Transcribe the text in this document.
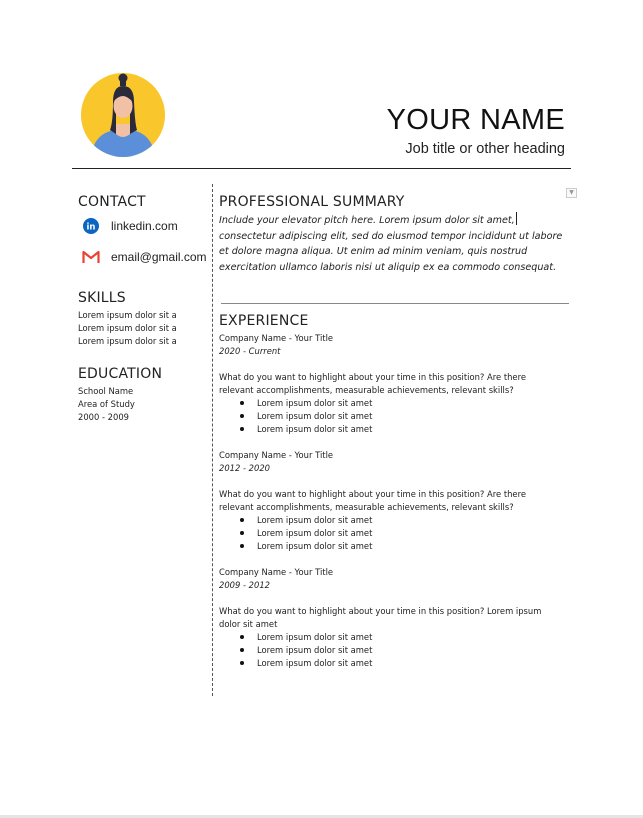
YOUR NAME
Job title or other heading
CONTACT
in linkedin.com
email@gmail.com
SKILLS
Lorem ipsum dolor sit a
Lorem ipsum dolor sit a
Lorem ipsum dolor sit a
EDUCATION
School Name
Area of Study
2000 - 2009
PROFESSIONAL SUMMARY
▼
Include your elevator pitch here. Lorem ipsum dolor sit amet, consectetur adipiscing elit, sed do eiusmod tempor incididunt ut labore et dolore magna aliqua. Ut enim ad minim veniam, quis nostrud exercitation ullamco laboris nisi ut aliquip ex ea commodo consequat.
EXPERIENCE
Company Name - Your Title
2020 - Current
What do you want to highlight about your time in this position? Are there relevant accomplishments, measurable achievements, relevant skills?
Lorem ipsum dolor sit amet
Lorem ipsum dolor sit amet
Lorem ipsum dolor sit amet
Company Name - Your Title
2012 - 2020
What do you want to highlight about your time in this position? Are there relevant accomplishments, measurable achievements, relevant skills?
Lorem ipsum dolor sit amet
Lorem ipsum dolor sit amet
Lorem ipsum dolor sit amet
Company Name - Your Title
2009 - 2012
What do you want to highlight about your time in this position? Lorem ipsum dolor sit amet
Lorem ipsum dolor sit amet
Lorem ipsum dolor sit amet
Lorem ipsum dolor sit amet
